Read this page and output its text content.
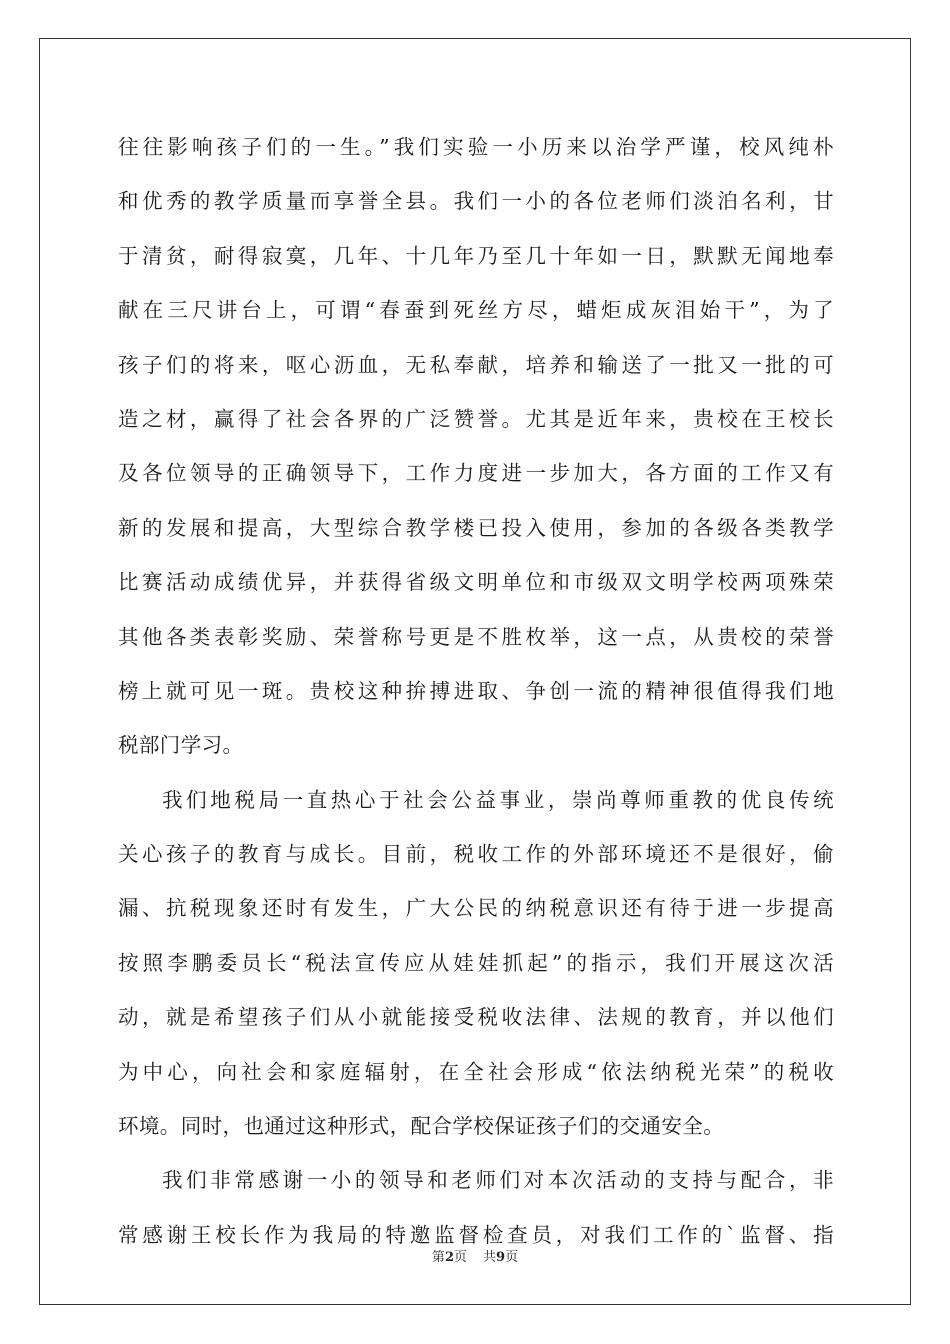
往往影响孩子们的一生。”我们实验一小历来以治学严谨，校风纯朴
和优秀的教学质量而享誉全县。我们一小的各位老师们淡泊名利，甘
于清贫，耐得寂寞，几年、十几年乃至几十年如一日，默默无闻地奉
献在三尺讲台上，可谓“春蚕到死丝方尽，蜡炬成灰泪始干”，为了
孩子们的将来，呕心沥血，无私奉献，培养和输送了一批又一批的可
造之材，赢得了社会各界的广泛赞誉。尤其是近年来，贵校在王校长
及各位领导的正确领导下，工作力度进一步加大，各方面的工作又有
新的发展和提高，大型综合教学楼已投入使用，参加的各级各类教学
比赛活动成绩优异，并获得省级文明单位和市级双文明学校两项殊荣
其他各类表彰奖励、荣誉称号更是不胜枚举，这一点，从贵校的荣誉
榜上就可见一斑。贵校这种拚搏进取、争创一流的精神很值得我们地
税部门学习。
我们地税局一直热心于社会公益事业，崇尚尊师重教的优良传统
关心孩子的教育与成长。目前，税收工作的外部环境还不是很好，偷
漏、抗税现象还时有发生，广大公民的纳税意识还有待于进一步提高
按照李鹏委员长“税法宣传应从娃娃抓起”的指示，我们开展这次活
动，就是希望孩子们从小就能接受税收法律、法规的教育，并以他们
为中心，向社会和家庭辐射，在全社会形成“依法纳税光荣”的税收
环境。同时，也通过这种形式，配合学校保证孩子们的交通安全。
我们非常感谢一小的领导和老师们对本次活动的支持与配合，非
常感谢王校长作为我局的特邀监督检查员，对我们工作的`监督、指
第2页 共9页
